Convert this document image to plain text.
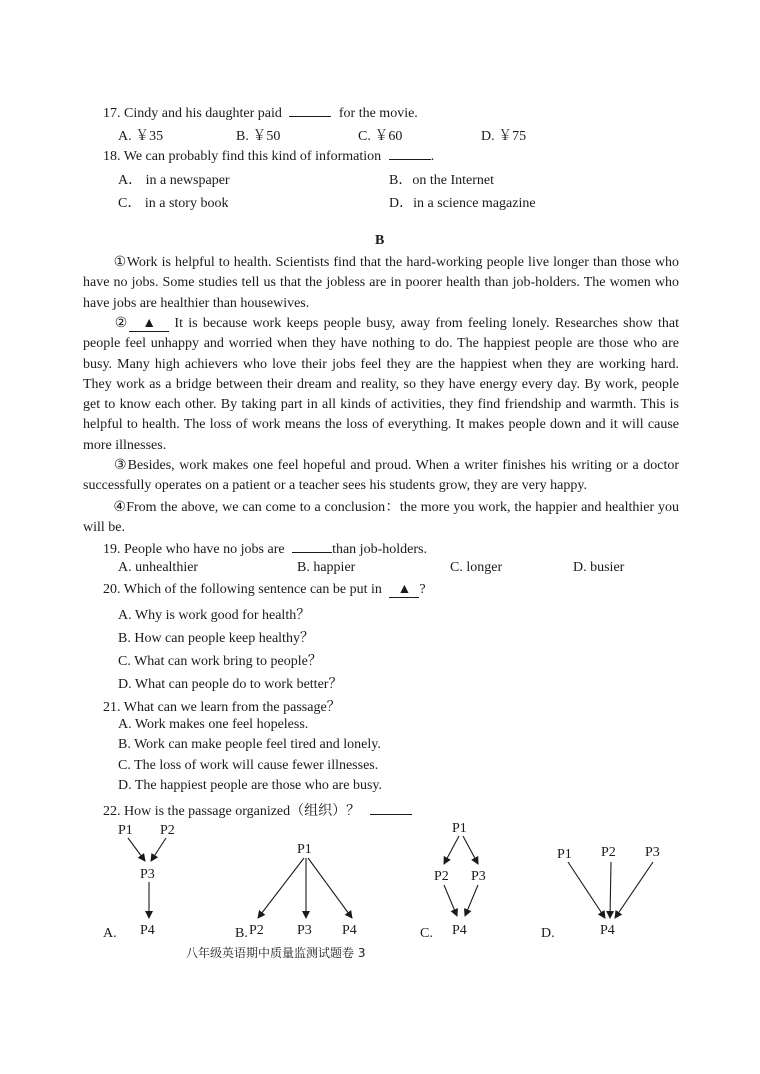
17. Cindy and his daughter paid	for the movie.
A. ￥35	B. ￥50	C. ￥60	D. ￥75
18. We can probably find this kind of information	.
A． in a newspaper	B．on the Internet
C． in a story book	D．in a science magazine
B
①Work is helpful to health. Scientists find that the hard-working people live longer than those who have no jobs. Some studies tell us that the jobless are in poorer health than job-holders. The women who have jobs are healthier than housewives.
② ▲ It is because work keeps people busy, away from feeling lonely. Researches show that people feel unhappy and worried when they have nothing to do. The happiest people are those who are busy. Many high achievers who love their jobs feel they are the happiest when they are working hard. They work as a bridge between their dream and reality, so they have energy every day. By work, people get to know each other. By taking part in all kinds of activities, they find friendship and warmth. This is helpful to health. The loss of work means the loss of everything. It makes people down and it will cause more illnesses.
③Besides, work makes one feel hopeful and proud. When a writer finishes his writing or a doctor successfully operates on a patient or a teacher sees his students grow, they are very happy.
④From the above, we can come to a conclusion：the more you work, the happier and healthier you will be.
19. People who have no jobs are	than job-holders.
A. unhealthier	B. happier	C. longer	D. busier
20. Which of the following sentence can be put in ▲ ?
A. Why is work good for health？
B. How can people keep healthy？
C. What can work bring to people？
D. What can people do to work better？
21. What can we learn from the passage？
A. Work makes one feel hopeless.
B. Work can make people feel tired and lonely.
C. The loss of work will cause fewer illnesses.
D. The happiest people are those who are busy.
22. How is the passage organized（组织）？
A.
P1 P2
P3
P4	B.
P1
P2 P3 P4	C.
P1
P2 P3
P4	D.
P1 P2 P3
P4
八年级英语期中质量监测试题卷 3
